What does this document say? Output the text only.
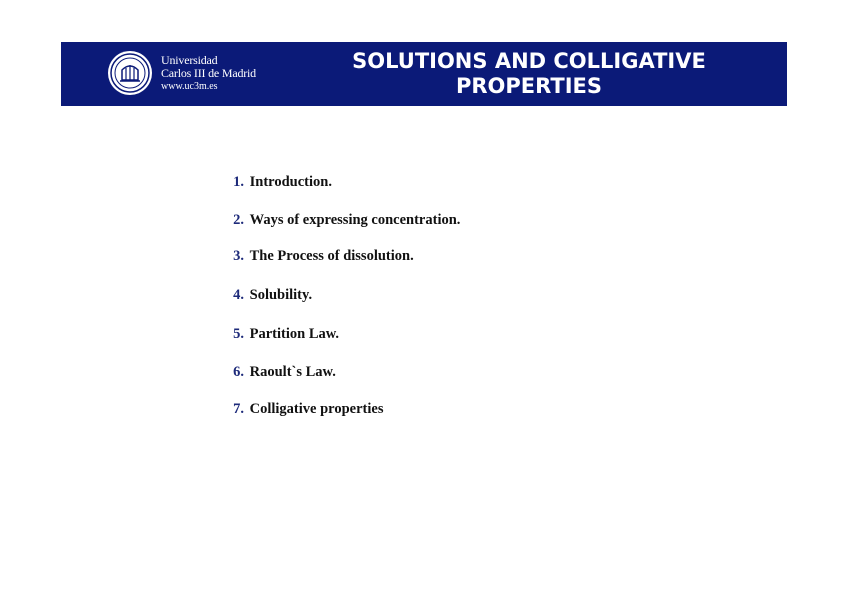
Universidad
Carlos III de Madrid
www.uc3m.es
SOLUTIONS AND COLLIGATIVE
PROPERTIES
1. Introduction.
2. Ways of expressing concentration.
3. The Process of dissolution.
4. Solubility.
5. Partition Law.
6. Raoult`s Law.
7. Colligative properties
